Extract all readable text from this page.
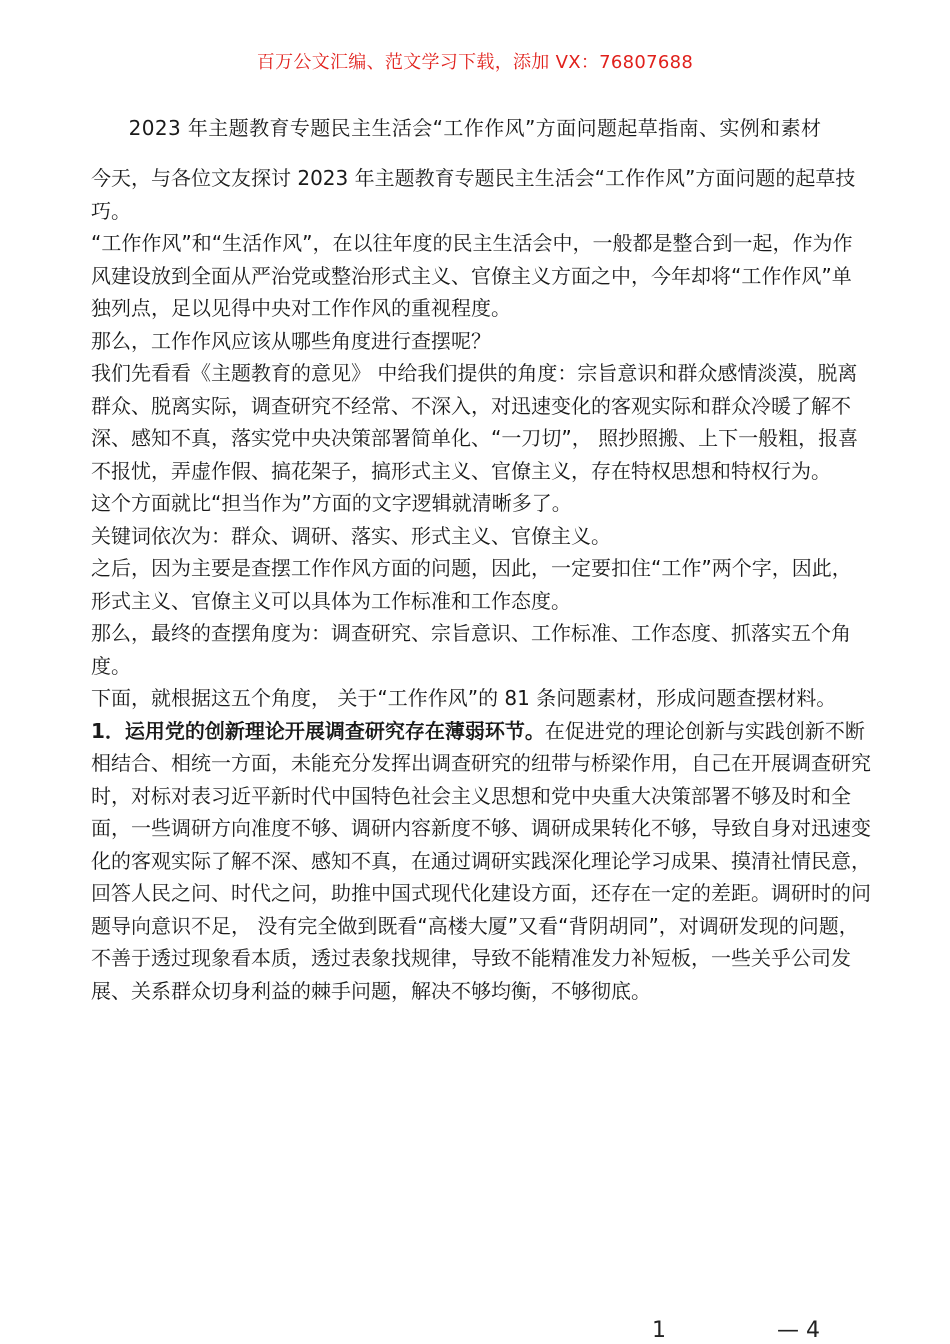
百万公文汇编、范文学习下载，添加 VX：76807688
2023 年主题教育专题民主生活会“工作作风”方面问题起草指南、实例和素材

今天，与各位文友探讨 2023 年主题教育专题民主生活会“工作作风”方面问题的起草技巧。

“工作作风”和“生活作风”，在以往年度的民主生活会中，一般都是整合到一起，作为作风建设放到全面从严治党或整治形式主义、官僚主义方面之中，今年却将“工作作风”单独列点，足以见得中央对工作作风的重视程度。

那么，工作作风应该从哪些角度进行查摆呢？

我们先看看《主题教育的意见》 中给我们提供的角度：宗旨意识和群众感情淡漠，脱离群众、脱离实际，调查研究不经常、不深入，对迅速变化的客观实际和群众冷暖了解不深、感知不真，落实党中央决策部署简单化、“一刀切”， 照抄照搬、上下一般粗，报喜不报忧，弄虚作假、搞花架子，搞形式主义、官僚主义，存在特权思想和特权行为。

这个方面就比“担当作为”方面的文字逻辑就清晰多了。

关键词依次为：群众、调研、落实、形式主义、官僚主义。

之后，因为主要是查摆工作作风方面的问题，因此，一定要扣住“工作”两个字，因此，形式主义、官僚主义可以具体为工作标准和工作态度。

那么，最终的查摆角度为：调查研究、宗旨意识、工作标准、工作态度、抓落实五个角度。

下面，就根据这五个角度， 关于“工作作风”的 81 条问题素材，形成问题查摆材料。

1．运用党的创新理论开展调查研究存在薄弱环节。在促进党的理论创新与实践创新不断相结合、相统一方面，未能充分发挥出调查研究的纽带与桥梁作用，自己在开展调查研究时，对标对表习近平新时代中国特色社会主义思想和党中央重大决策部署不够及时和全面，一些调研方向准度不够、调研内容新度不够、调研成果转化不够，导致自身对迅速变化的客观实际了解不深、感知不真，在通过调研实践深化理论学习成果、摸清社情民意，回答人民之问、时代之问，助推中国式现代化建设方面，还存在一定的差距。调研时的问题导向意识不足， 没有完全做到既看“高楼大厦”又看“背阴胡同”，对调研发现的问题，不善于透过现象看本质，透过表象找规律，导致不能精准发力补短板，一些关乎公司发展、关系群众切身利益的棘手问题，解决不够均衡，不够彻底。

1	— 4
